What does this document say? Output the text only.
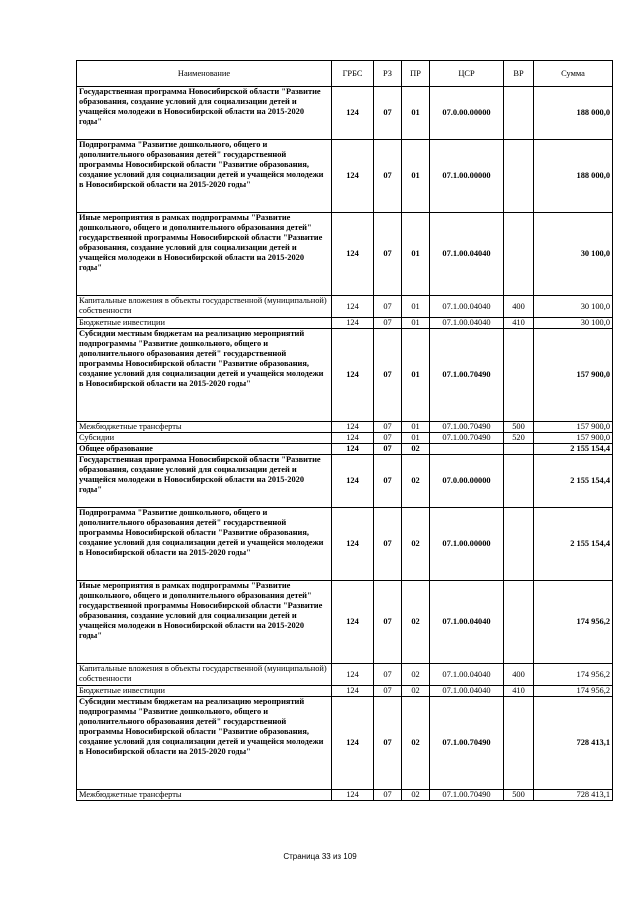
Наименование	ГРБС	РЗ	ПР	ЦСР	ВР	Сумма
Государственная программа Новосибирской области "Развитие образования, создание условий для социализации детей и учащейся молодежи в Новосибирской области на 2015-2020 годы"	124	07	01	07.0.00.00000		188 000,0
Подпрограмма "Развитие дошкольного, общего и дополнительного образования детей" государственной программы Новосибирской области "Развитие образования, создание условий для социализации детей и учащейся молодежи в Новосибирской области на 2015-2020 годы"	124	07	01	07.1.00.00000		188 000,0
Иные мероприятия в рамках подпрограммы "Развитие дошкольного, общего и дополнительного образования детей" государственной программы Новосибирской области "Развитие образования, создание условий для социализации детей и учащейся молодежи в Новосибирской области на 2015-2020 годы"	124	07	01	07.1.00.04040		30 100,0
Капитальные вложения в объекты государственной (муниципальной) собственности	124	07	01	07.1.00.04040	400	30 100,0
Бюджетные инвестиции	124	07	01	07.1.00.04040	410	30 100,0
Субсидии местным бюджетам на реализацию мероприятий подпрограммы "Развитие дошкольного, общего и дополнительного образования детей" государственной программы Новосибирской области "Развитие образования, создание условий для социализации детей и учащейся молодежи в Новосибирской области на 2015-2020 годы"	124	07	01	07.1.00.70490		157 900,0
Межбюджетные трансферты	124	07	01	07.1.00.70490	500	157 900,0
Субсидии	124	07	01	07.1.00.70490	520	157 900,0
Общее образование	124	07	02			2 155 154,4
Государственная программа Новосибирской области "Развитие образования, создание условий для социализации детей и учащейся молодежи в Новосибирской области на 2015-2020 годы"	124	07	02	07.0.00.00000		2 155 154,4
Подпрограмма "Развитие дошкольного, общего и дополнительного образования детей" государственной программы Новосибирской области "Развитие образования, создание условий для социализации детей и учащейся молодежи в Новосибирской области на 2015-2020 годы"	124	07	02	07.1.00.00000		2 155 154,4
Иные мероприятия в рамках подпрограммы "Развитие дошкольного, общего и дополнительного образования детей" государственной программы Новосибирской области "Развитие образования, создание условий для социализации детей и учащейся молодежи в Новосибирской области на 2015-2020 годы"	124	07	02	07.1.00.04040		174 956,2
Капитальные вложения в объекты государственной (муниципальной) собственности	124	07	02	07.1.00.04040	400	174 956,2
Бюджетные инвестиции	124	07	02	07.1.00.04040	410	174 956,2
Субсидии местным бюджетам на реализацию мероприятий подпрограммы "Развитие дошкольного, общего и дополнительного образования детей" государственной программы Новосибирской области "Развитие образования, создание условий для социализации детей и учащейся молодежи в Новосибирской области на 2015-2020 годы"	124	07	02	07.1.00.70490		728 413,1
Межбюджетные трансферты	124	07	02	07.1.00.70490	500	728 413,1
Страница 33 из 109
